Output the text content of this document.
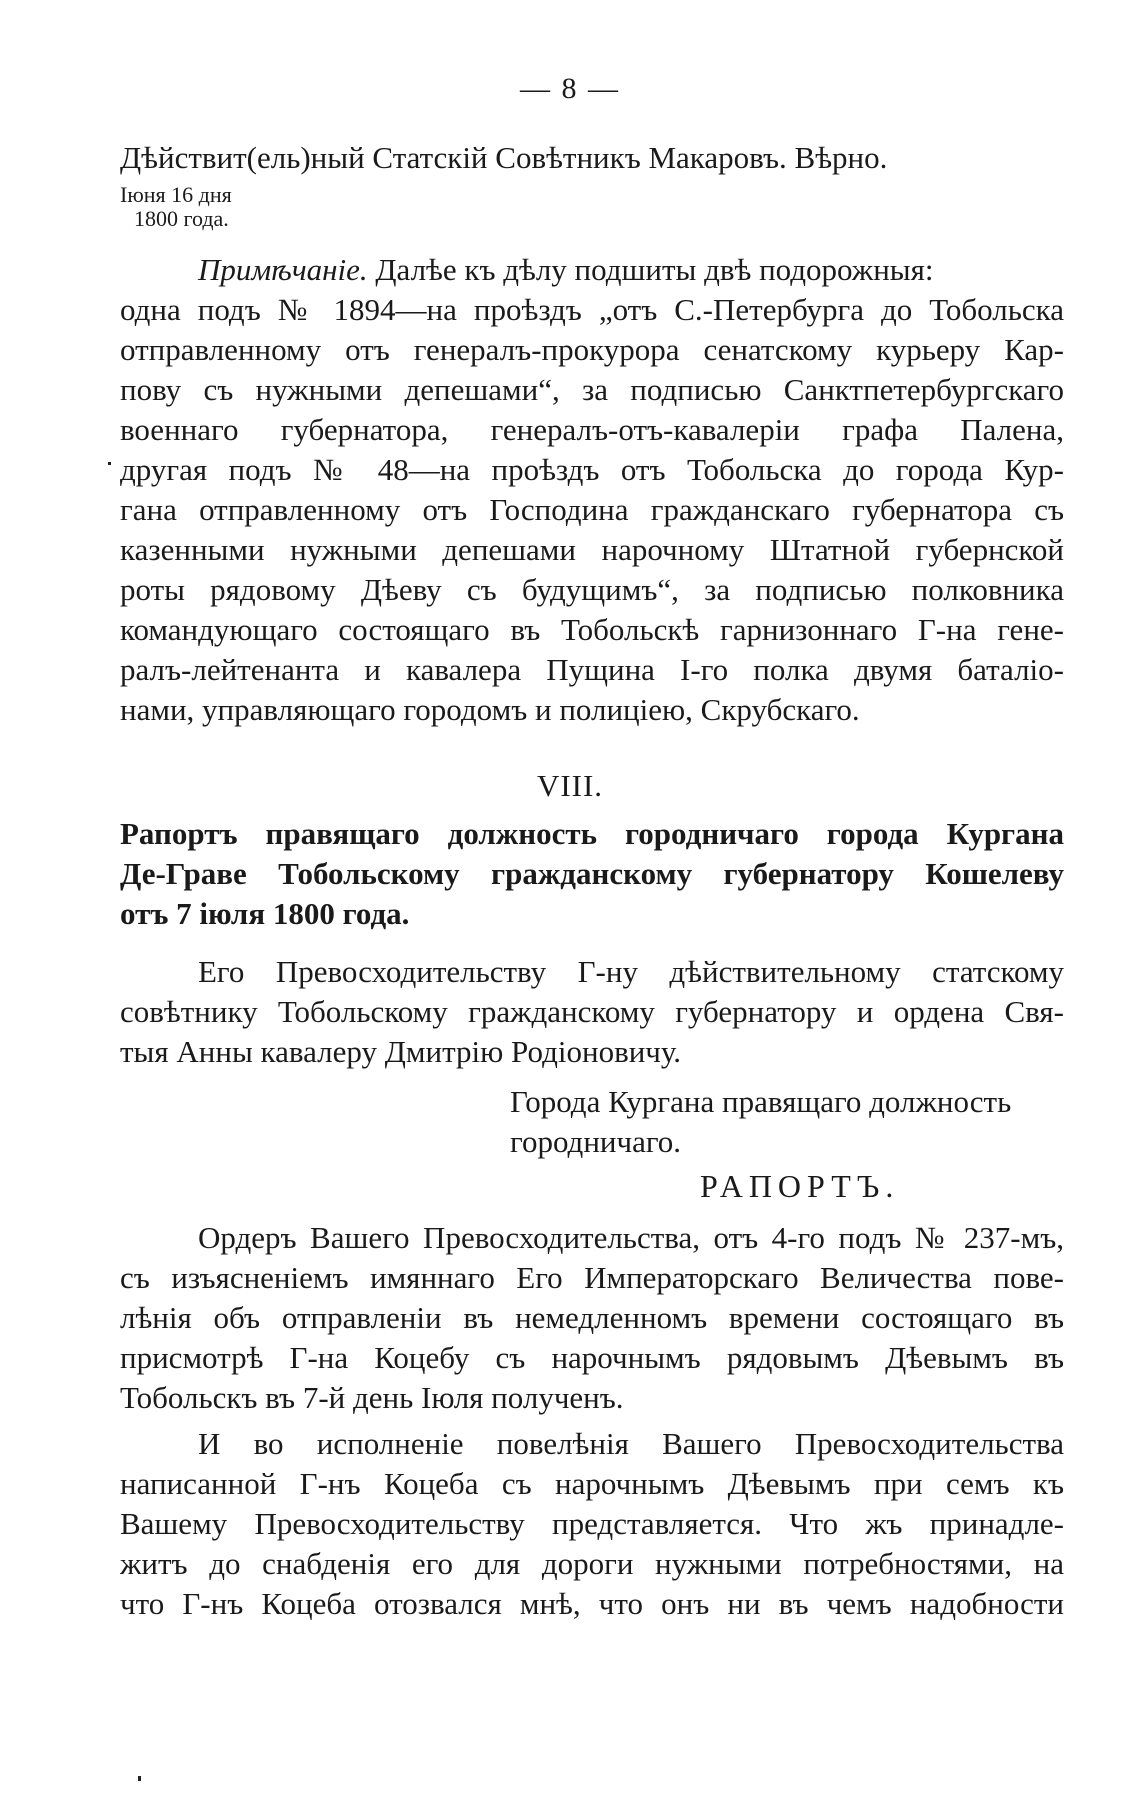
— 8 —
Дѣйствит(ель)ный Статскій Совѣтникъ Макаровъ. Вѣрно.
Іюня 16 дня
1800 года.
Примѣчаніе. Далѣе къ дѣлу подшиты двѣ подорожныя:
одна подъ № 1894—на проѣздъ „отъ С.-Петербурга до Тобольска
отправленному отъ генералъ-прокурора сенатскому курьеру Кар-
пову съ нужными депешами“, за подписью Санктпетербургскаго
военнаго губернатора, генералъ-отъ-кавалеріи графа Палена,
другая подъ № 48—на проѣздъ отъ Тобольска до города Кур-
гана отправленному отъ Господина гражданскаго губернатора съ
казенными нужными депешами нарочному Штатной губернской
роты рядовому Дѣеву съ будущимъ“, за подписью полковника
командующаго состоящаго въ Тобольскѣ гарнизоннаго Г-на гене-
ралъ-лейтенанта и кавалера Пущина І-го полка двумя баталіо-
нами, управляющаго городомъ и полиціею, Скрубскаго.
VIII.
Рапортъ правящаго должность городничаго города Кургана
Де-Граве Тобольскому гражданскому губернатору Кошелеву
отъ 7 іюля 1800 года.
Его Превосходительству Г-ну дѣйствительному статскому
совѣтнику Тобольскому гражданскому губернатору и ордена Свя-
тыя Анны кавалеру Дмитрію Родіоновичу.
Города Кургана правящаго должность
городничаго.
РАПОРТЪ.
Ордеръ Вашего Превосходительства, отъ 4-го подъ № 237-мъ,
съ изъясненіемъ имяннаго Его Императорскаго Величества пове-
лѣнія объ отправленіи въ немедленномъ времени состоящаго въ
присмотрѣ Г-на Коцебу съ нарочнымъ рядовымъ Дѣевымъ въ
Тобольскъ въ 7-й день Іюля полученъ.
И во исполненіе повелѣнія Вашего Превосходительства
написанной Г-нъ Коцеба съ нарочнымъ Дѣевымъ при семъ къ
Вашему Превосходительству представляется. Что жъ принадле-
житъ до снабденія его для дороги нужными потребностями, на
что Г-нъ Коцеба отозвался мнѣ, что онъ ни въ чемъ надобности
